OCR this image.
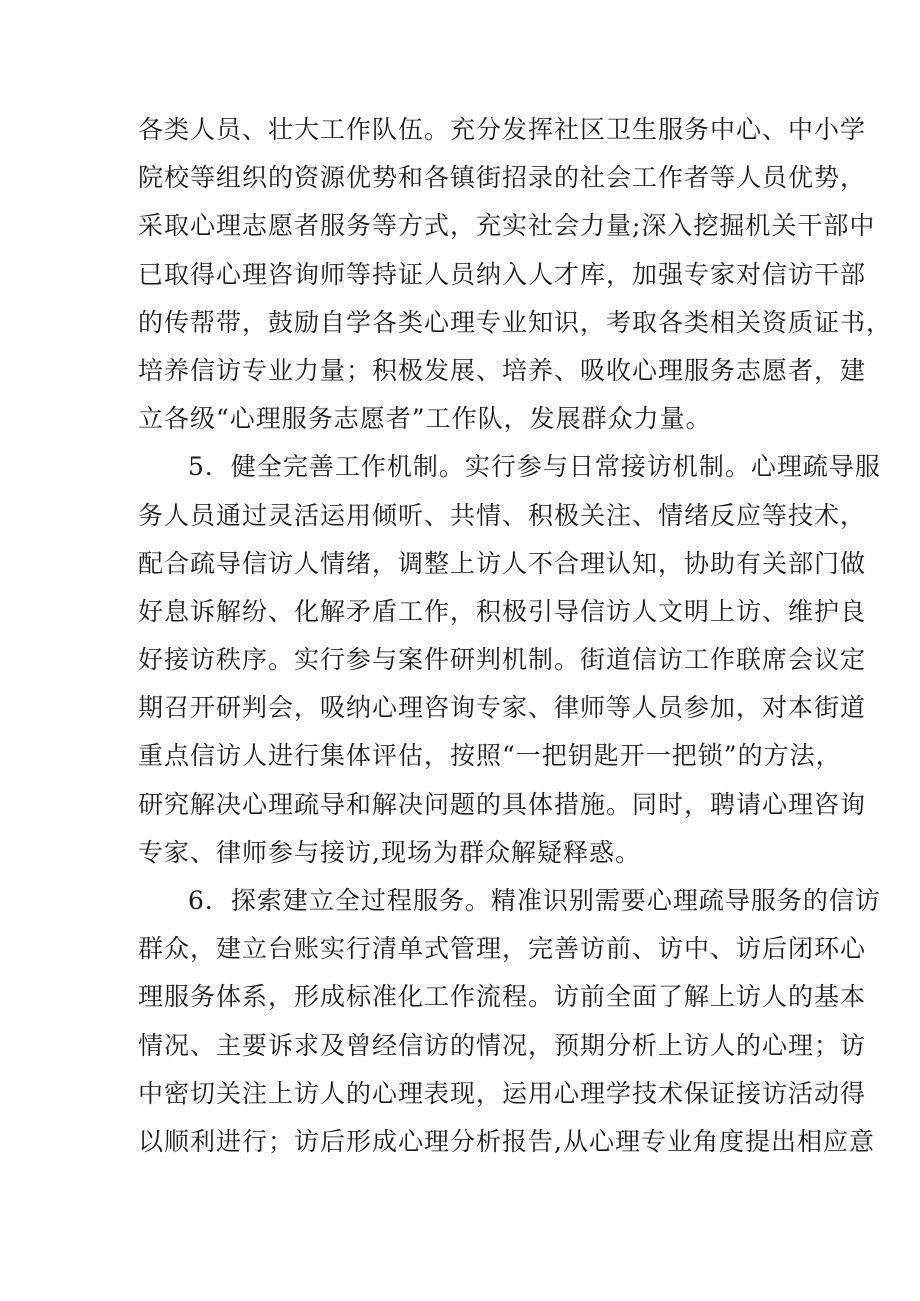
各类人员、壮大工作队伍。充分发挥社区卫生服务中心、中小学
院校等组织的资源优势和各镇街招录的社会工作者等人员优势，
采取心理志愿者服务等方式，充实社会力量;深入挖掘机关干部中
已取得心理咨询师等持证人员纳入人才库，加强专家对信访干部
的传帮带，鼓励自学各类心理专业知识，考取各类相关资质证书，
培养信访专业力量；积极发展、培养、吸收心理服务志愿者，建
立各级“心理服务志愿者”工作队，发展群众力量。
5．健全完善工作机制。实行参与日常接访机制。心理疏导服
务人员通过灵活运用倾听、共情、积极关注、情绪反应等技术，
配合疏导信访人情绪，调整上访人不合理认知，协助有关部门做
好息诉解纷、化解矛盾工作，积极引导信访人文明上访、维护良
好接访秩序。实行参与案件研判机制。街道信访工作联席会议定
期召开研判会，吸纳心理咨询专家、律师等人员参加，对本街道
重点信访人进行集体评估，按照“一把钥匙开一把锁”的方法，
研究解决心理疏导和解决问题的具体措施。同时，聘请心理咨询
专家、律师参与接访,现场为群众解疑释惑。
6．探索建立全过程服务。精准识别需要心理疏导服务的信访
群众，建立台账实行清单式管理，完善访前、访中、访后闭环心
理服务体系，形成标准化工作流程。访前全面了解上访人的基本
情况、主要诉求及曾经信访的情况，预期分析上访人的心理；访
中密切关注上访人的心理表现，运用心理学技术保证接访活动得
以顺利进行；访后形成心理分析报告,从心理专业角度提出相应意
